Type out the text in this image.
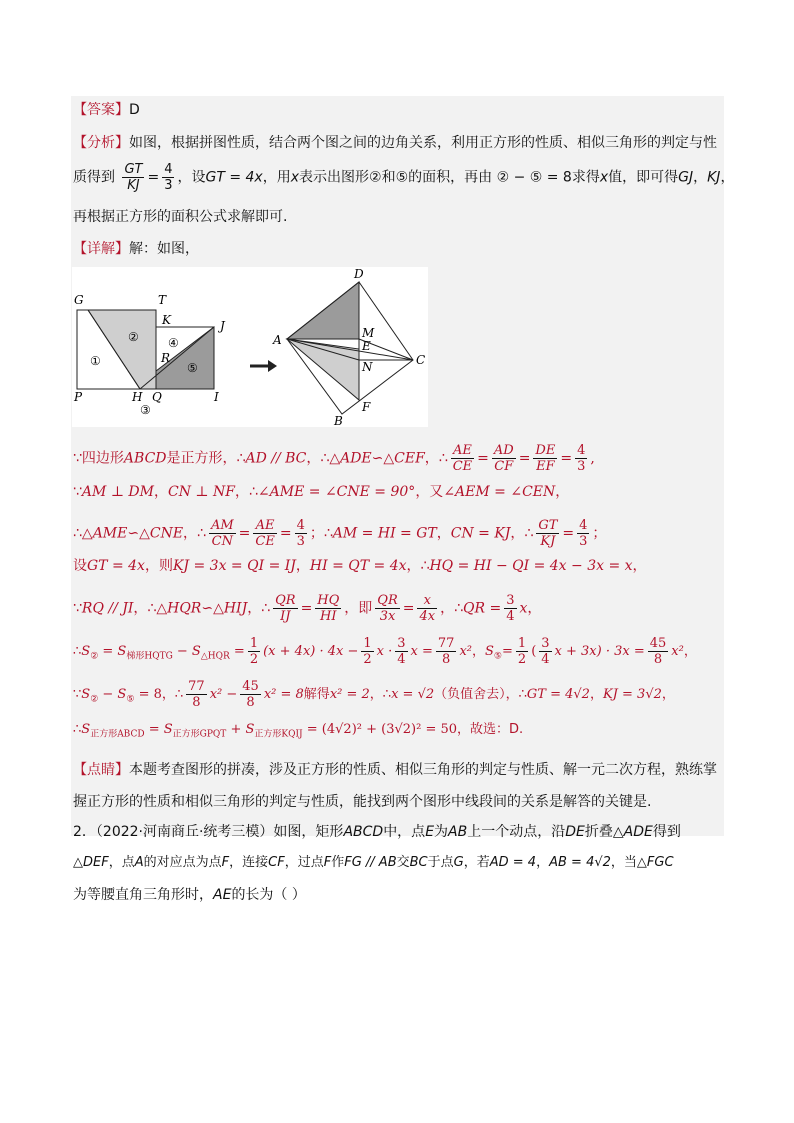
【答案】D
【分析】如图，根据拼图性质，结合两个图之间的边角关系，利用正方形的性质、相似三角形的判定与性
质得到 $\frac{GT}{KJ} = \frac{4}{3}$ ，设GT = 4x，用x表示出图形②和⑤的面积，再由 ② − ⑤ = 8求得x值，即可得GJ，KJ，
再根据正方形的面积公式求解即可.
【详解】解：如图，
G	T
K	J
R
P	H Q	I
①
②
③
④
⑤
D
A	M
E
C
N
F
B
∵四边形ABCD是正方形，∴AD // BC，∴△ADE∽△CEF，∴ $\frac{AE}{CE} = \frac{AD}{CF} = \frac{DE}{EF} = \frac{4}{3}$ ,
∵AM ⊥ DM，CN ⊥ NF，∴∠AME = ∠CNE = 90°，又∠AEM = ∠CEN，
∴△AME∽△CNE，∴ $\frac{AM}{CN} = \frac{AE}{CE} = \frac{4}{3}$ ；∴AM = HI = GT，CN = KJ，∴ $\frac{GT}{KJ} = \frac{4}{3}$ ；
设GT = 4x，则KJ = 3x = QI = IJ，HI = QT = 4x，∴HQ = HI − QI = 4x − 3x = x，
∵RQ // JI，∴△HQR∽△HIJ，∴ $\frac{QR}{IJ} = \frac{HQ}{HI}$ ，即 $\frac{QR}{3x} = \frac{x}{4x}$ ，∴QR = $\frac{3}{4}$ x，
$\therefore S_② = S_{梯形HQTG} - S_{\triangle HQR} = \frac{1}{2} (x + 4x) \cdot 4x - \frac{1}{2}$ $x \cdot \frac{3}{4}$ $x = \frac{77}{8} x^2$，$S_⑤= \frac{1}{2}$ ( $\frac{3}{4}$ $x + 3x) \cdot 3x = \frac{45}{8} x^2$，
$\because S_② - S_⑤ = 8$，∴ $\frac{77}{8} x^2 - \frac{45}{8} x^2 = 8$解得x² = 2，∴x = √2（负值舍去），∴GT = 4√2，KJ = 3√2，
$\therefore S_{正方形ABCD} = S_{正方形GPQT} + S_{正方形KQIJ} = (4√2)^2 + (3√2)^2 = 50$，故选：D.
【点睛】本题考查图形的拼凑，涉及正方形的性质、相似三角形的判定与性质、解一元二次方程，熟练掌
握正方形的性质和相似三角形的判定与性质，能找到两个图形中线段间的关系是解答的关键是.
2．（2022·河南商丘·统考三模）如图，矩形ABCD中，点E为AB上一个动点，沿DE折叠△ADE得到
△DEF，点A的对应点为点F，连接CF，过点F作FG // AB交BC于点G，若AD = 4，AB = 4√2，当△FGC
为等腰直角三角形时，AE的长为（ ）
